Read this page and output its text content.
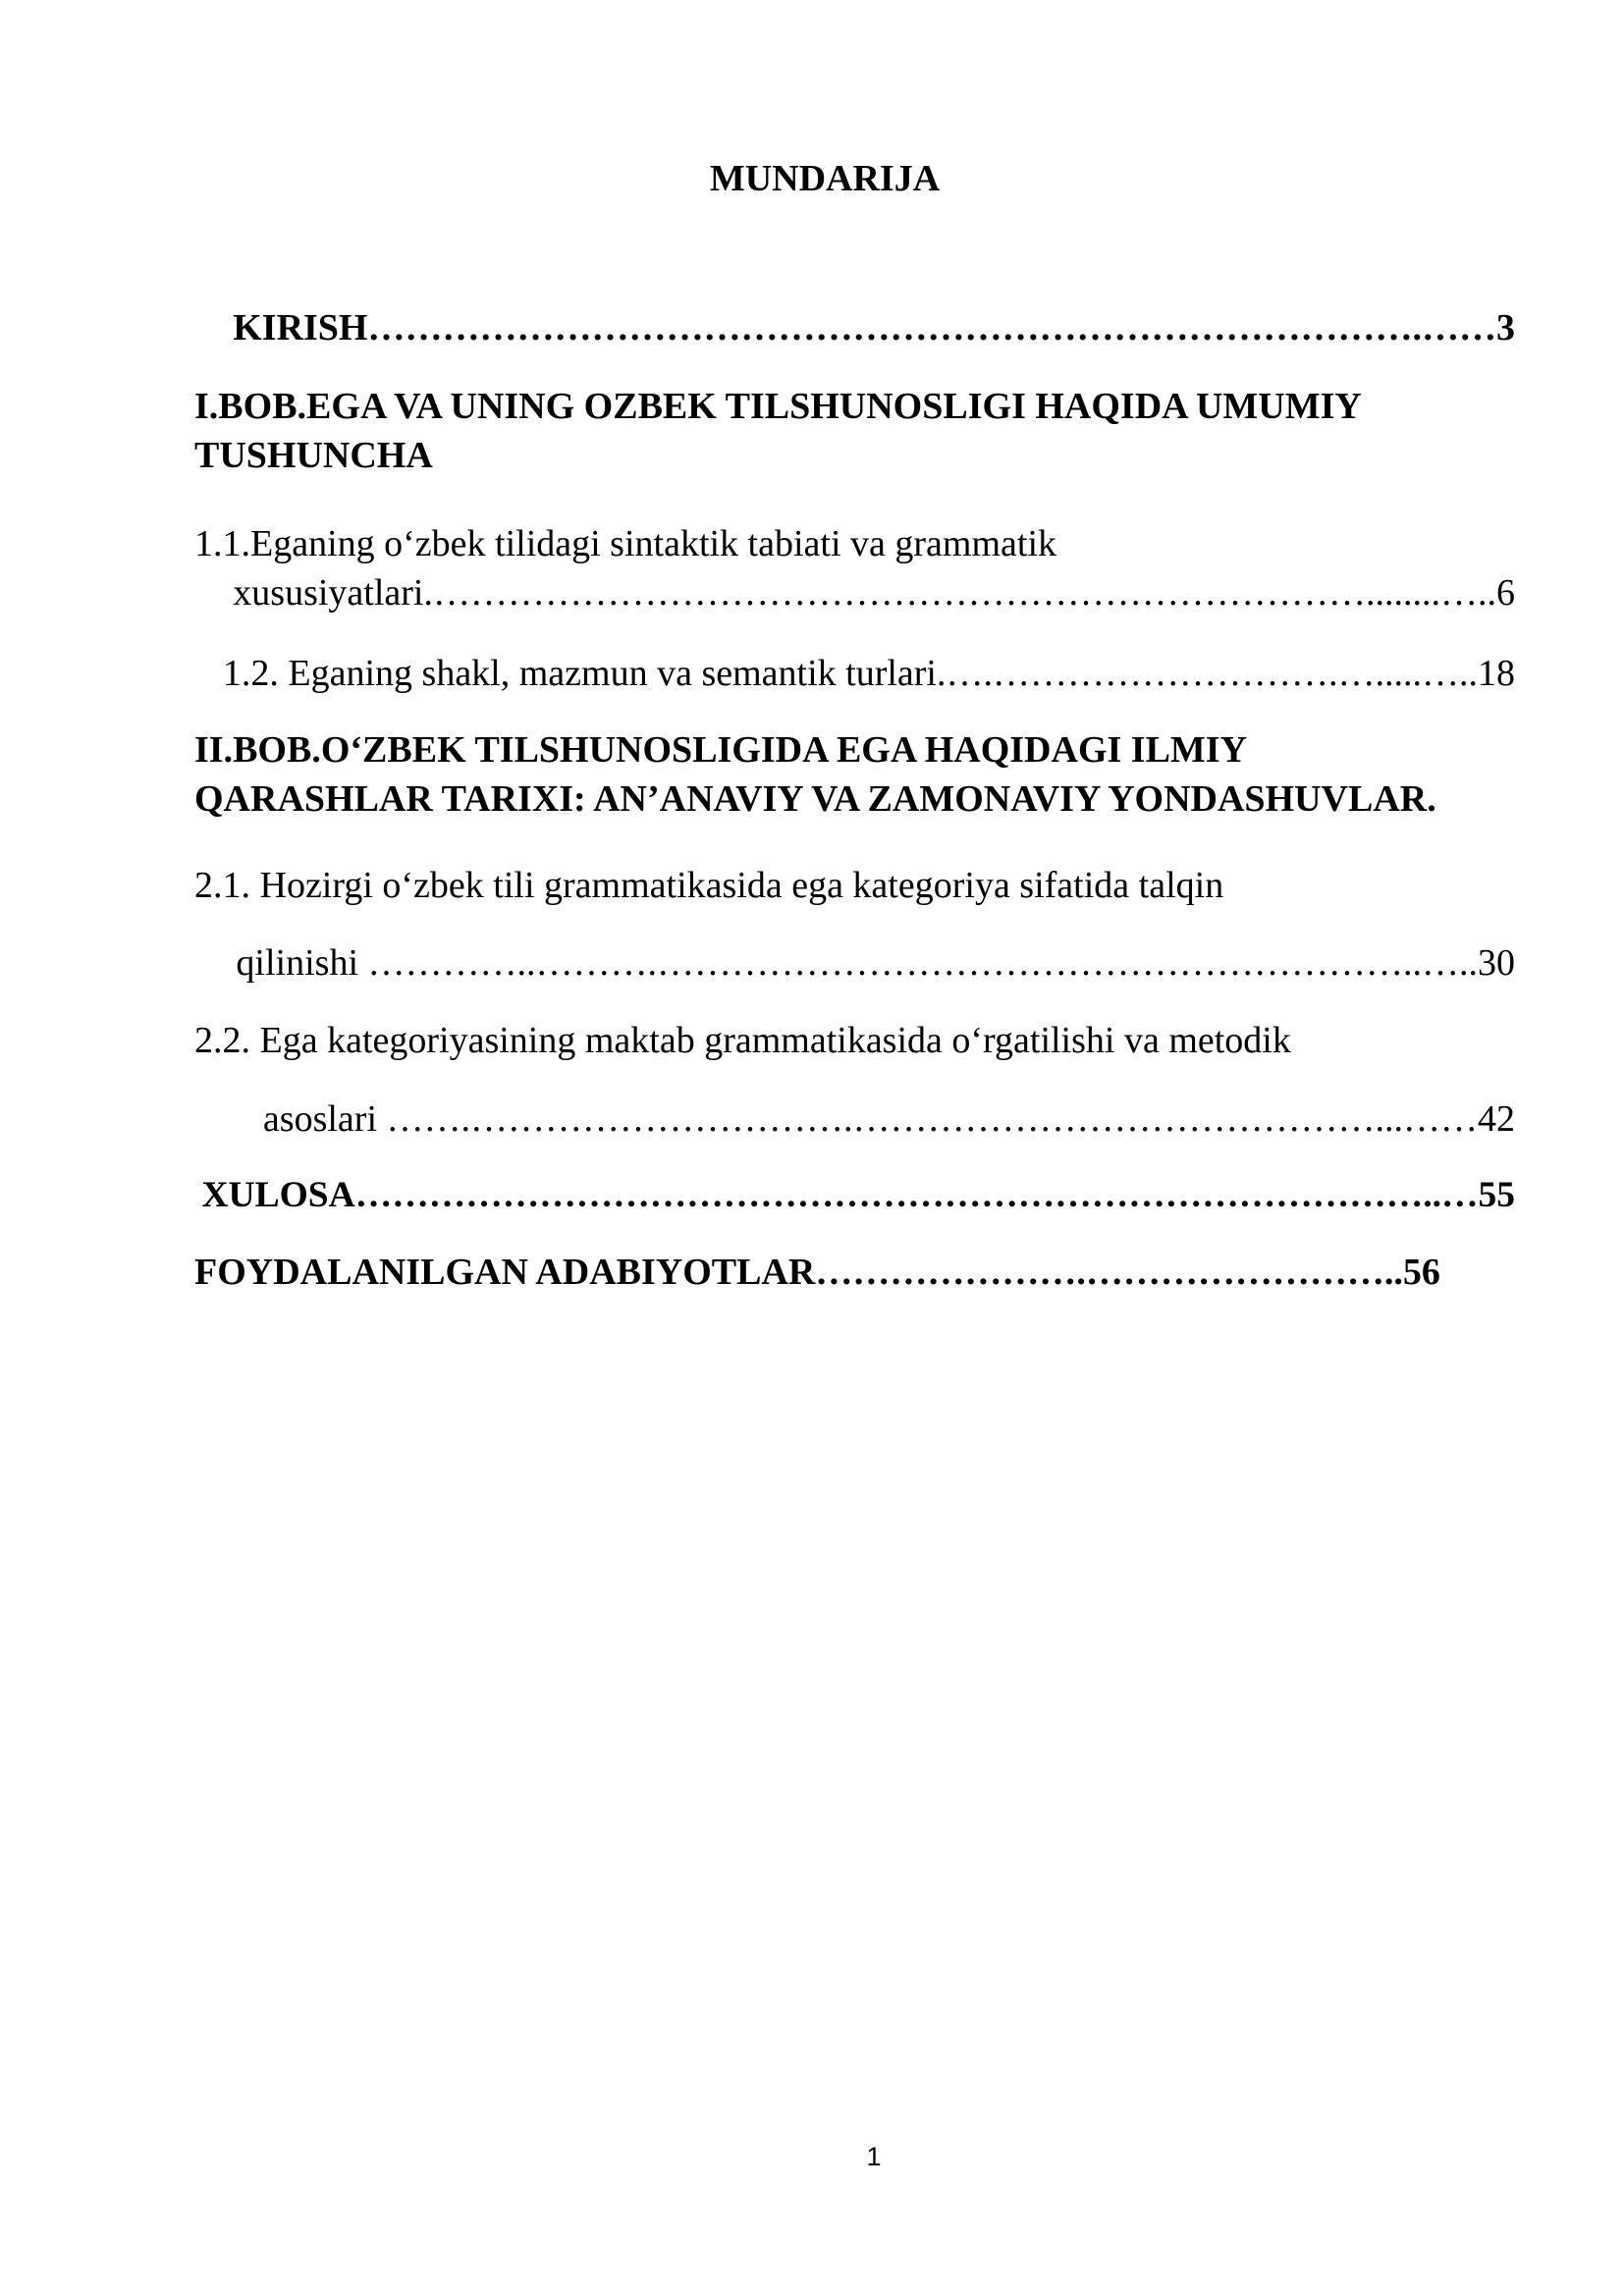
MUNDARIJA
KIRISH………………………………………………………………………….……3
I.BOB.EGA VA UNING OZBEK TILSHUNOSLIGI HAQIDA UMUMIY
TUSHUNCHA
1.1.Eganing o‘zbek tilidagi sintaktik tabiati va grammatik
xususiyatlari.…………………………………………………………………........…..6
1.2. Eganing shakl, mazmun va semantik turlari.….……………………….….....…..18
II.BOB.O‘ZBEK TILSHUNOSLIGIDA EGA HAQIDAGI ILMIY
QARASHLAR TARIXI: AN’ANAVIY VA ZAMONAVIY YONDASHUVLAR.
2.1. Hozirgi o‘zbek tili grammatikasida ega kategoriya sifatida talqin
qilinishi …………..……….……………………………………………………..…..30
2.2. Ega kategoriyasining maktab grammatikasida o‘rgatilishi va metodik
asoslari …….………………………….……………………………………...……42
XULOSA……………………………………………………………………………..…55
FOYDALANILGAN ADABIYOTLAR………………….……………………..56
1
